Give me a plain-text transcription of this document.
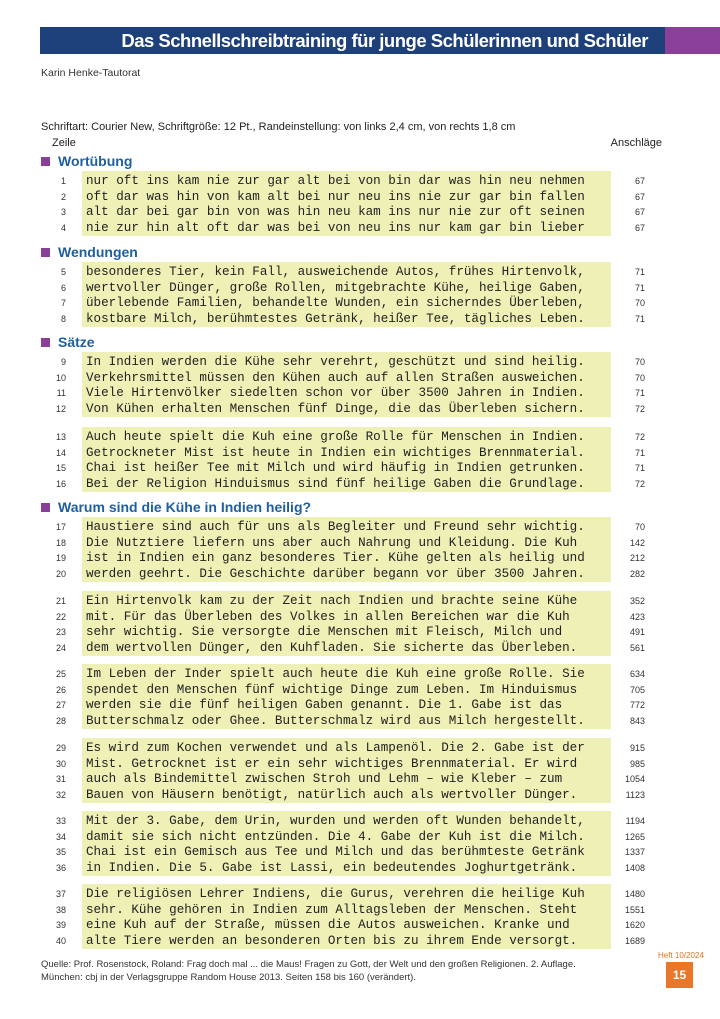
Das Schnellschreibtraining für junge Schülerinnen und Schüler
Karin Henke-Tautorat
Schriftart: Courier New, Schriftgröße: 12 Pt., Randeinstellung: von links 2,4 cm, von rechts 1,8 cm
Zeile	Anschläge
Wortübung
Wendungen
Sätze
Warum sind die Kühe in Indien heilig?
1 nur oft ins kam nie zur gar alt bei von bin dar was hin neu nehmen	67
2 oft dar was hin von kam alt bei nur neu ins nie zur gar bin fallen	67
3 alt dar bei gar bin von was hin neu kam ins nur nie zur oft seinen	67
4 nie zur hin alt oft dar was bei von neu ins nur kam gar bin lieber	67
5 besonderes Tier, kein Fall, ausweichende Autos, frühes Hirtenvolk,	71
6 wertvoller Dünger, große Rollen, mitgebrachte Kühe, heilige Gaben,	71
7 überlebende Familien, behandelte Wunden, ein sicherndes Überleben,	70
8 kostbare Milch, berühmtestes Getränk, heißer Tee, tägliches Leben.	71
9 In Indien werden die Kühe sehr verehrt, geschützt und sind heilig.	70
10 Verkehrsmittel müssen den Kühen auch auf allen Straßen ausweichen.	70
11 Viele Hirtenvölker siedelten schon vor über 3500 Jahren in Indien.	71
12 Von Kühen erhalten Menschen fünf Dinge, die das Überleben sichern.	72
13 Auch heute spielt die Kuh eine große Rolle für Menschen in Indien.	72
14 Getrockneter Mist ist heute in Indien ein wichtiges Brennmaterial.	71
15 Chai ist heißer Tee mit Milch und wird häufig in Indien getrunken.	71
16 Bei der Religion Hinduismus sind fünf heilige Gaben die Grundlage.	72
17 Haustiere sind auch für uns als Begleiter und Freund sehr wichtig.	70
18 Die Nutztiere liefern uns aber auch Nahrung und Kleidung. Die Kuh	142
19 ist in Indien ein ganz besonderes Tier. Kühe gelten als heilig und	212
20 werden geehrt. Die Geschichte darüber begann vor über 3500 Jahren.	282
21 Ein Hirtenvolk kam zu der Zeit nach Indien und brachte seine Kühe	352
22 mit. Für das Überleben des Volkes in allen Bereichen war die Kuh	423
23 sehr wichtig. Sie versorgte die Menschen mit Fleisch, Milch und	491
24 dem wertvollen Dünger, den Kuhfladen. Sie sicherte das Überleben.	561
25 Im Leben der Inder spielt auch heute die Kuh eine große Rolle. Sie	634
26 spendet den Menschen fünf wichtige Dinge zum Leben. Im Hinduismus	705
27 werden sie die fünf heiligen Gaben genannt. Die 1. Gabe ist das	772
28 Butterschmalz oder Ghee. Butterschmalz wird aus Milch hergestellt.	843
29 Es wird zum Kochen verwendet und als Lampenöl. Die 2. Gabe ist der	915
30 Mist. Getrocknet ist er ein sehr wichtiges Brennmaterial. Er wird	985
31 auch als Bindemittel zwischen Stroh und Lehm – wie Kleber – zum	1054
32 Bauen von Häusern benötigt, natürlich auch als wertvoller Dünger.	1123
33 Mit der 3. Gabe, dem Urin, wurden und werden oft Wunden behandelt,	1194
34 damit sie sich nicht entzünden. Die 4. Gabe der Kuh ist die Milch.	1265
35 Chai ist ein Gemisch aus Tee und Milch und das berühmteste Getränk	1337
36 in Indien. Die 5. Gabe ist Lassi, ein bedeutendes Joghurtgetränk.	1408
37 Die religiösen Lehrer Indiens, die Gurus, verehren die heilige Kuh	1480
38 sehr. Kühe gehören in Indien zum Alltagsleben der Menschen. Steht	1551
39 eine Kuh auf der Straße, müssen die Autos ausweichen. Kranke und	1620
40 alte Tiere werden an besonderen Orten bis zu ihrem Ende versorgt.	1689
Quelle: Prof. Rosenstock, Roland: Frag doch mal ... die Maus! Fragen zu Gott, der Welt und den großen Religionen. 2. Auflage.
München: cbj in der Verlagsgruppe Random House 2013. Seiten 158 bis 160 (verändert).
Heft 10/2024
15
